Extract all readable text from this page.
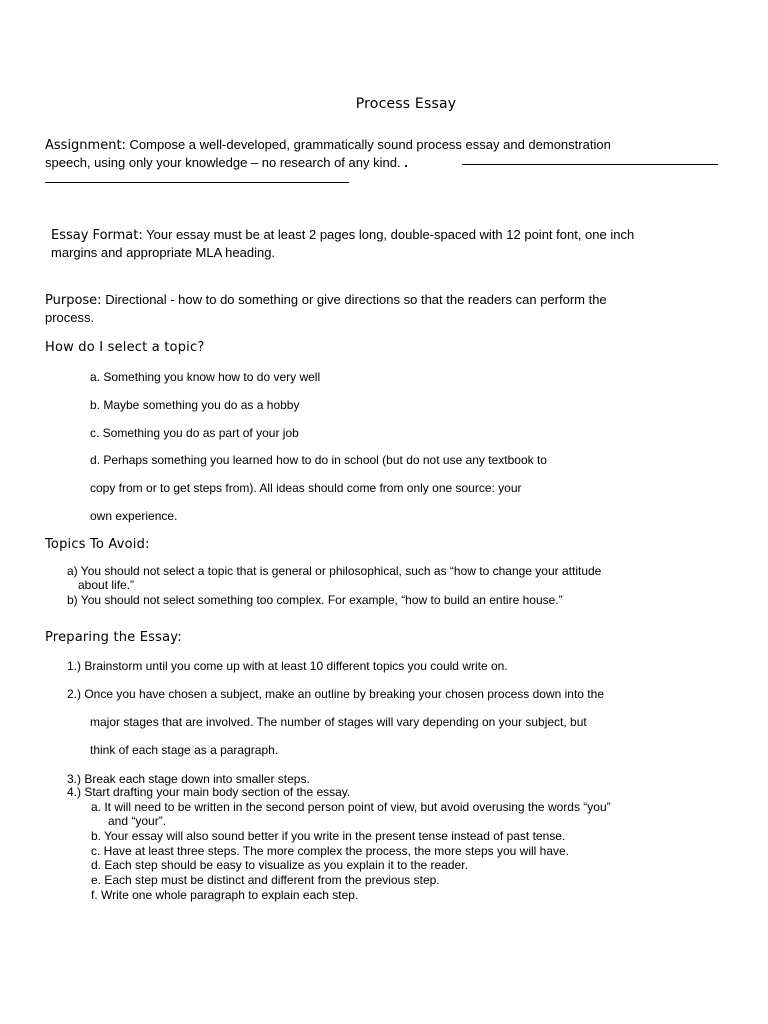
Process Essay
Assignment: Compose a well-developed, grammatically sound process essay and demonstration
speech, using only your knowledge – no research of any kind. .
Essay Format: Your essay must be at least 2 pages long, double-spaced with 12 point font, one inch
margins and appropriate MLA heading.
Purpose: Directional - how to do something or give directions so that the readers can perform the
process.
How do I select a topic?
a. Something you know how to do very well
b. Maybe something you do as a hobby
c. Something you do as part of your job
d. Perhaps something you learned how to do in school (but do not use any textbook to
copy from or to get steps from). All ideas should come from only one source: your
own experience.
Topics To Avoid:
a) You should not select a topic that is general or philosophical, such as “how to change your attitude
about life.”
b) You should not select something too complex. For example, “how to build an entire house.”
Preparing the Essay:
1.) Brainstorm until you come up with at least 10 different topics you could write on.
2.) Once you have chosen a subject, make an outline by breaking your chosen process down into the
major stages that are involved. The number of stages will vary depending on your subject, but
think of each stage as a paragraph.
3.) Break each stage down into smaller steps.
4.) Start drafting your main body section of the essay.
a. It will need to be written in the second person point of view, but avoid overusing the words “you”
and “your”.
b. Your essay will also sound better if you write in the present tense instead of past tense.
c. Have at least three steps. The more complex the process, the more steps you will have.
d. Each step should be easy to visualize as you explain it to the reader.
e. Each step must be distinct and different from the previous step.
f. Write one whole paragraph to explain each step.
